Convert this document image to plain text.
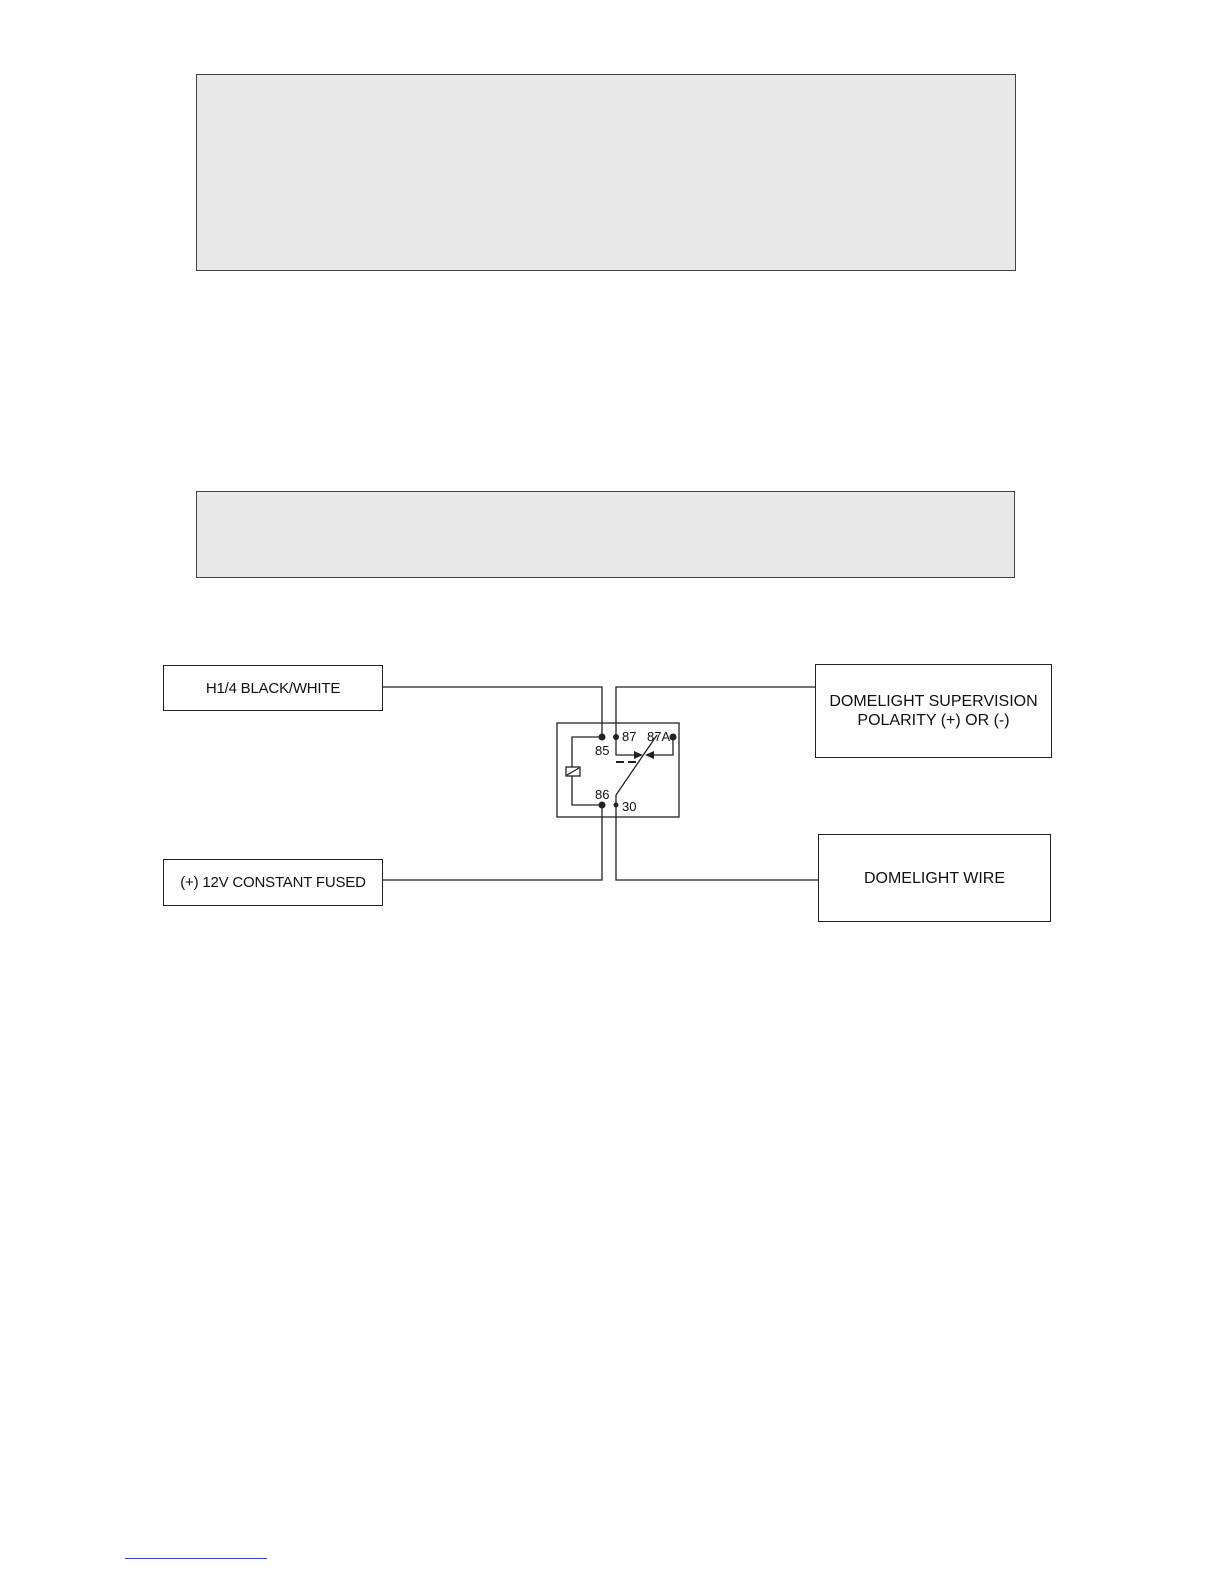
85
86
87 87A
30
H1/4 BLACK/WHITE
(+) 12V CONSTANT FUSED
DOMELIGHT SUPERVISION
POLARITY (+) OR (-)
DOMELIGHT WIRE
